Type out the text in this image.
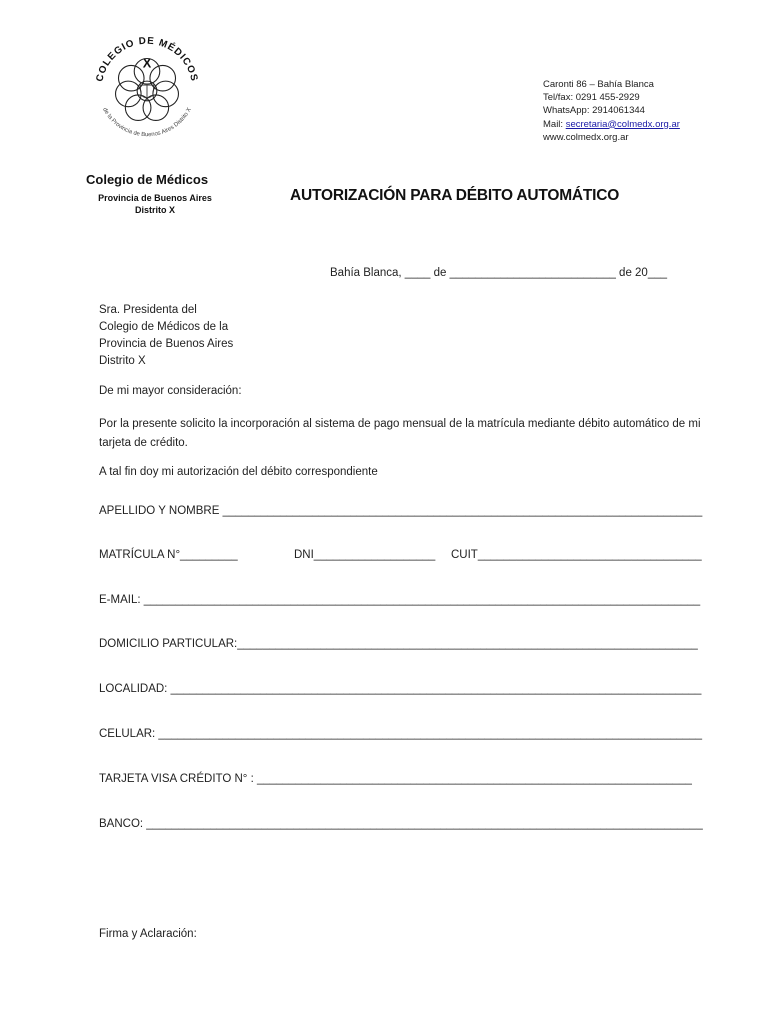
X
COLEGIO DE MÉDICOS
de la Provincia de Buenos Aires Distrito X
Caronti 86 – Bahía Blanca
Tel/fax: 0291 455-2929
WhatsApp: 2914061344
Mail: secretaria@colmedx.org.ar
www.colmedx.org.ar
Colegio de Médicos
Provincia de Buenos Aires
Distrito X
AUTORIZACIÓN PARA DÉBITO AUTOMÁTICO
Bahía Blanca, ____ de __________________________ de 20___
Sra. Presidenta del
Colegio de Médicos de la
Provincia de Buenos Aires
Distrito X
De mi mayor consideración:
Por la presente solicito la incorporación al sistema de pago mensual de la matrícula mediante débito automático de mi tarjeta de crédito.
A tal fin doy mi autorización del débito correspondiente
APELLIDO Y NOMBRE ___________________________________________________________________________
MATRÍCULA N°_________	DNI___________________ CUIT___________________________________
E-MAIL: _______________________________________________________________________________________
DOMICILIO PARTICULAR:________________________________________________________________________
LOCALIDAD: ___________________________________________________________________________________
CELULAR: _____________________________________________________________________________________
TARJETA VISA CRÉDITO N° : ____________________________________________________________________
BANCO: _______________________________________________________________________________________
Firma y Aclaración:
